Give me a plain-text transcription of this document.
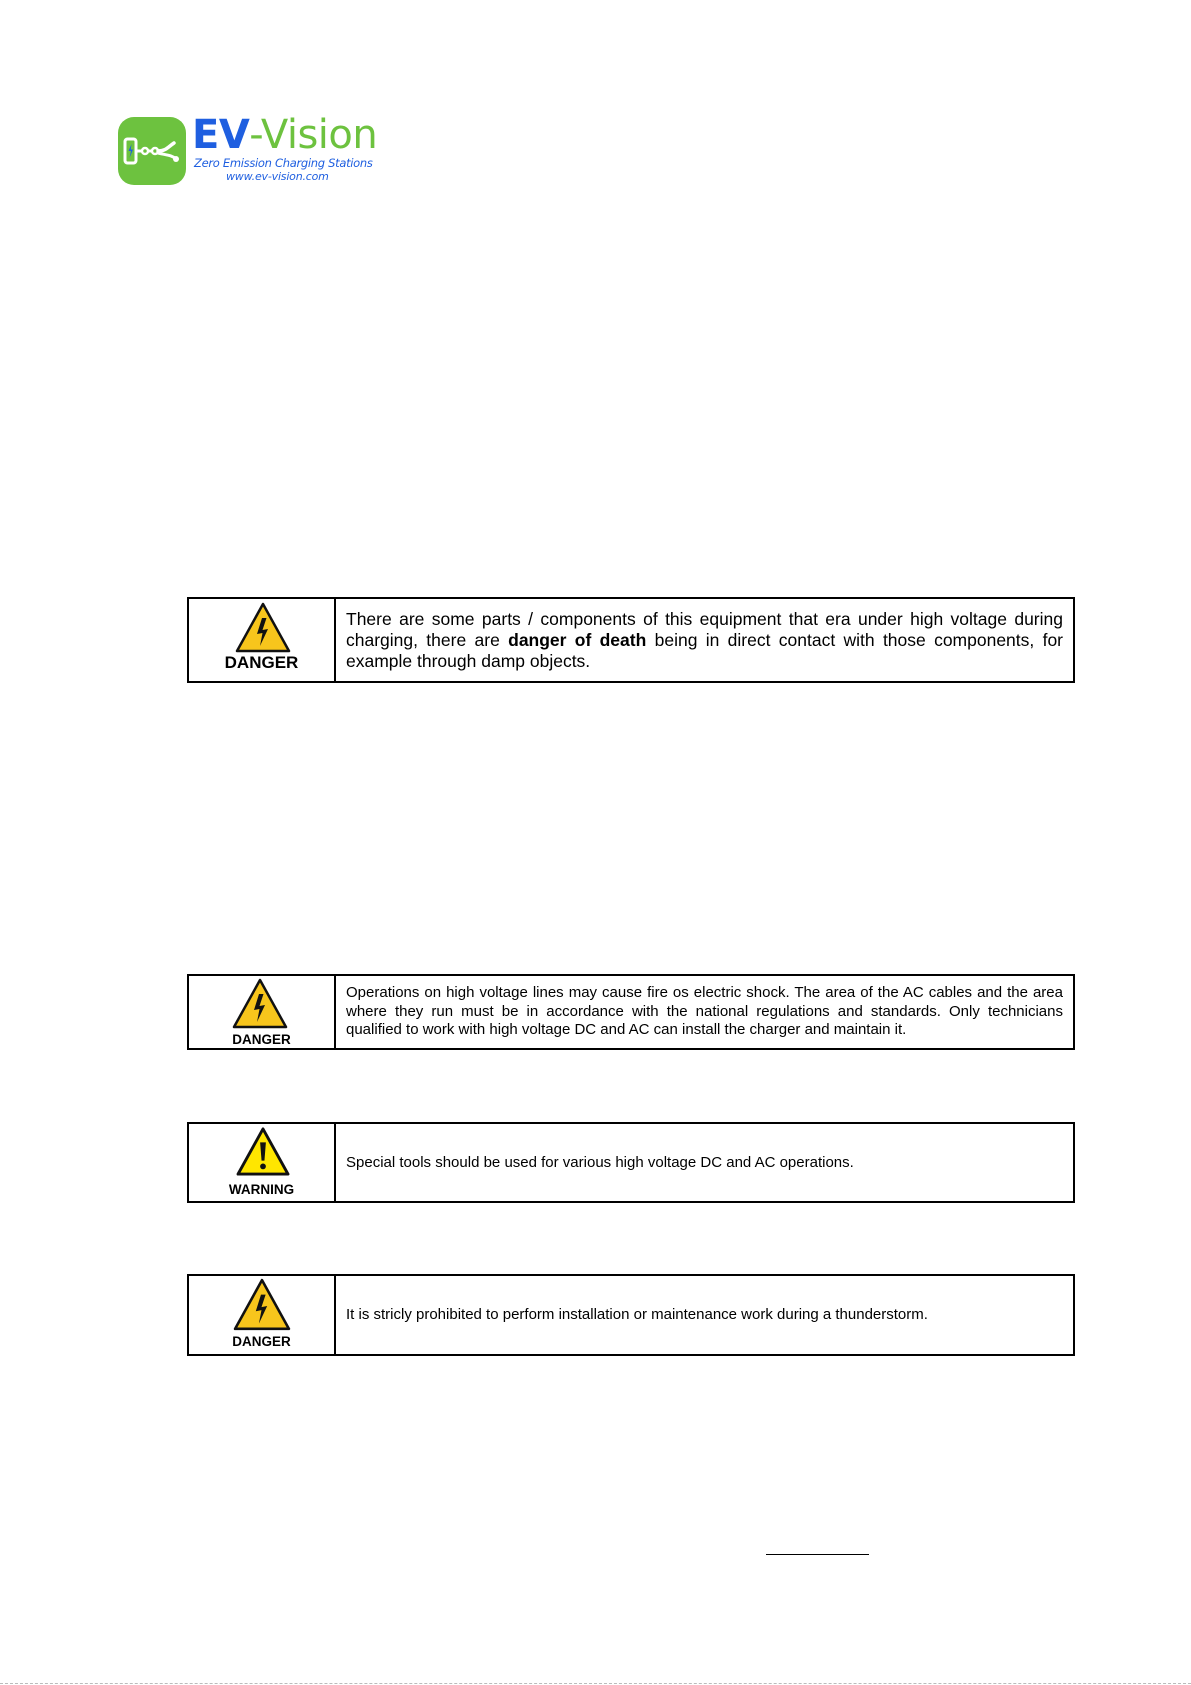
EV-Vision
Zero Emission Charging Stations
www.ev-vision.com
DANGER

There are some parts / components of this equipment that era under high voltage during charging, there are danger of death being in direct contact with those components, for example through damp objects.

DANGER

Operations on high voltage lines may cause fire os electric shock. The area of the AC cables and the area where they run must be in accordance with the national regulations and standards. Only technicians qualified to work with high voltage DC and AC can install the charger and maintain it.

WARNING

Special tools should be used for various high voltage DC and AC operations.

DANGER

It is stricly prohibited to perform installation or maintenance work during a thunderstorm.
